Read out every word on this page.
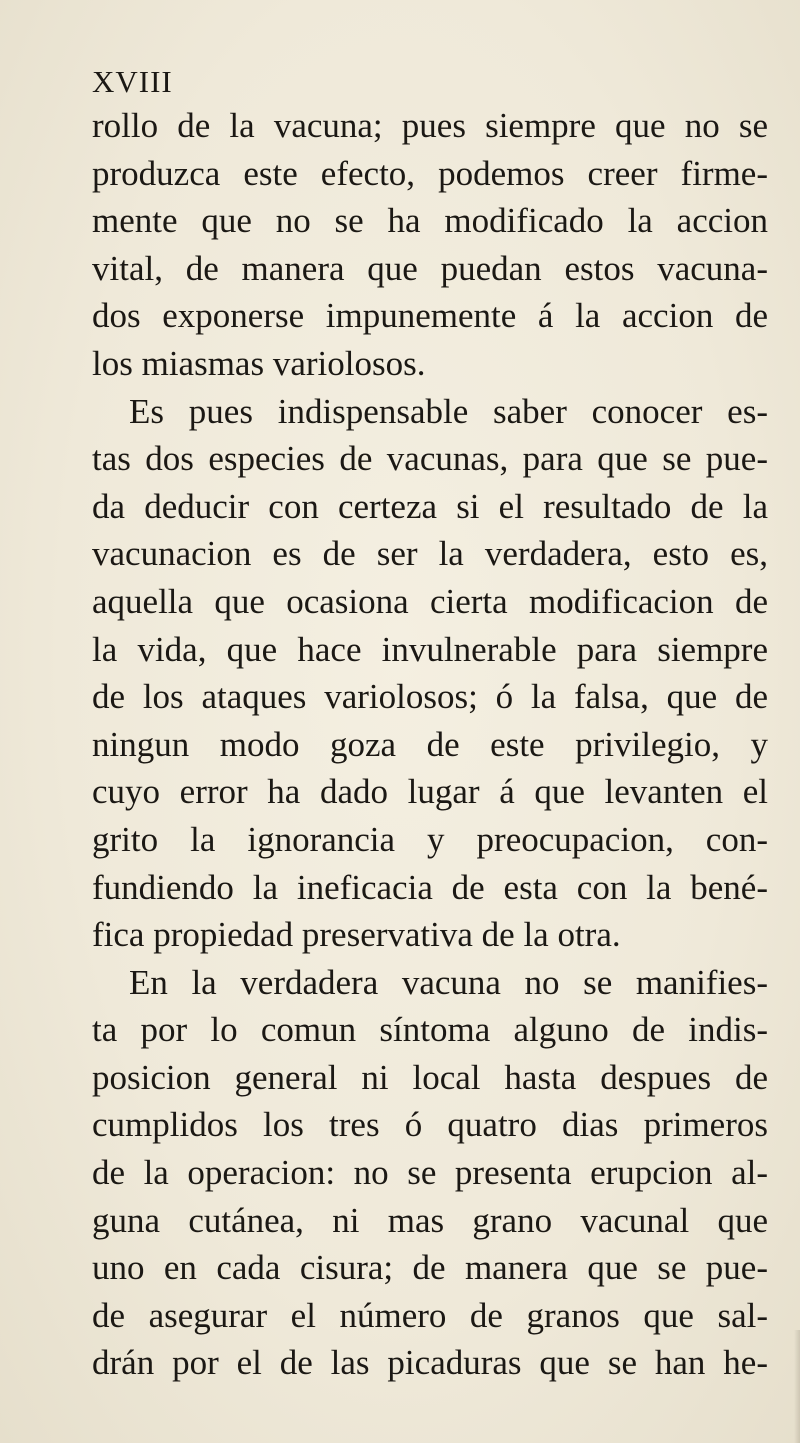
XVIII
rollo de la vacuna; pues siempre que no se
produzca este efecto, podemos creer firme-
mente que no se ha modificado la accion
vital, de manera que puedan estos vacuna-
dos exponerse impunemente á la accion de
los miasmas variolosos.
Es pues indispensable saber conocer es-
tas dos especies de vacunas, para que se pue-
da deducir con certeza si el resultado de la
vacunacion es de ser la verdadera, esto es,
aquella que ocasiona cierta modificacion de
la vida, que hace invulnerable para siempre
de los ataques variolosos; ó la falsa, que de
ningun modo goza de este privilegio, y
cuyo error ha dado lugar á que levanten el
grito la ignorancia y preocupacion, con-
fundiendo la ineficacia de esta con la bené-
fica propiedad preservativa de la otra.
En la verdadera vacuna no se manifies-
ta por lo comun síntoma alguno de indis-
posicion general ni local hasta despues de
cumplidos los tres ó quatro dias primeros
de la operacion: no se presenta erupcion al-
guna cutánea, ni mas grano vacunal que
uno en cada cisura; de manera que se pue-
de asegurar el número de granos que sal-
drán por el de las picaduras que se han he-
